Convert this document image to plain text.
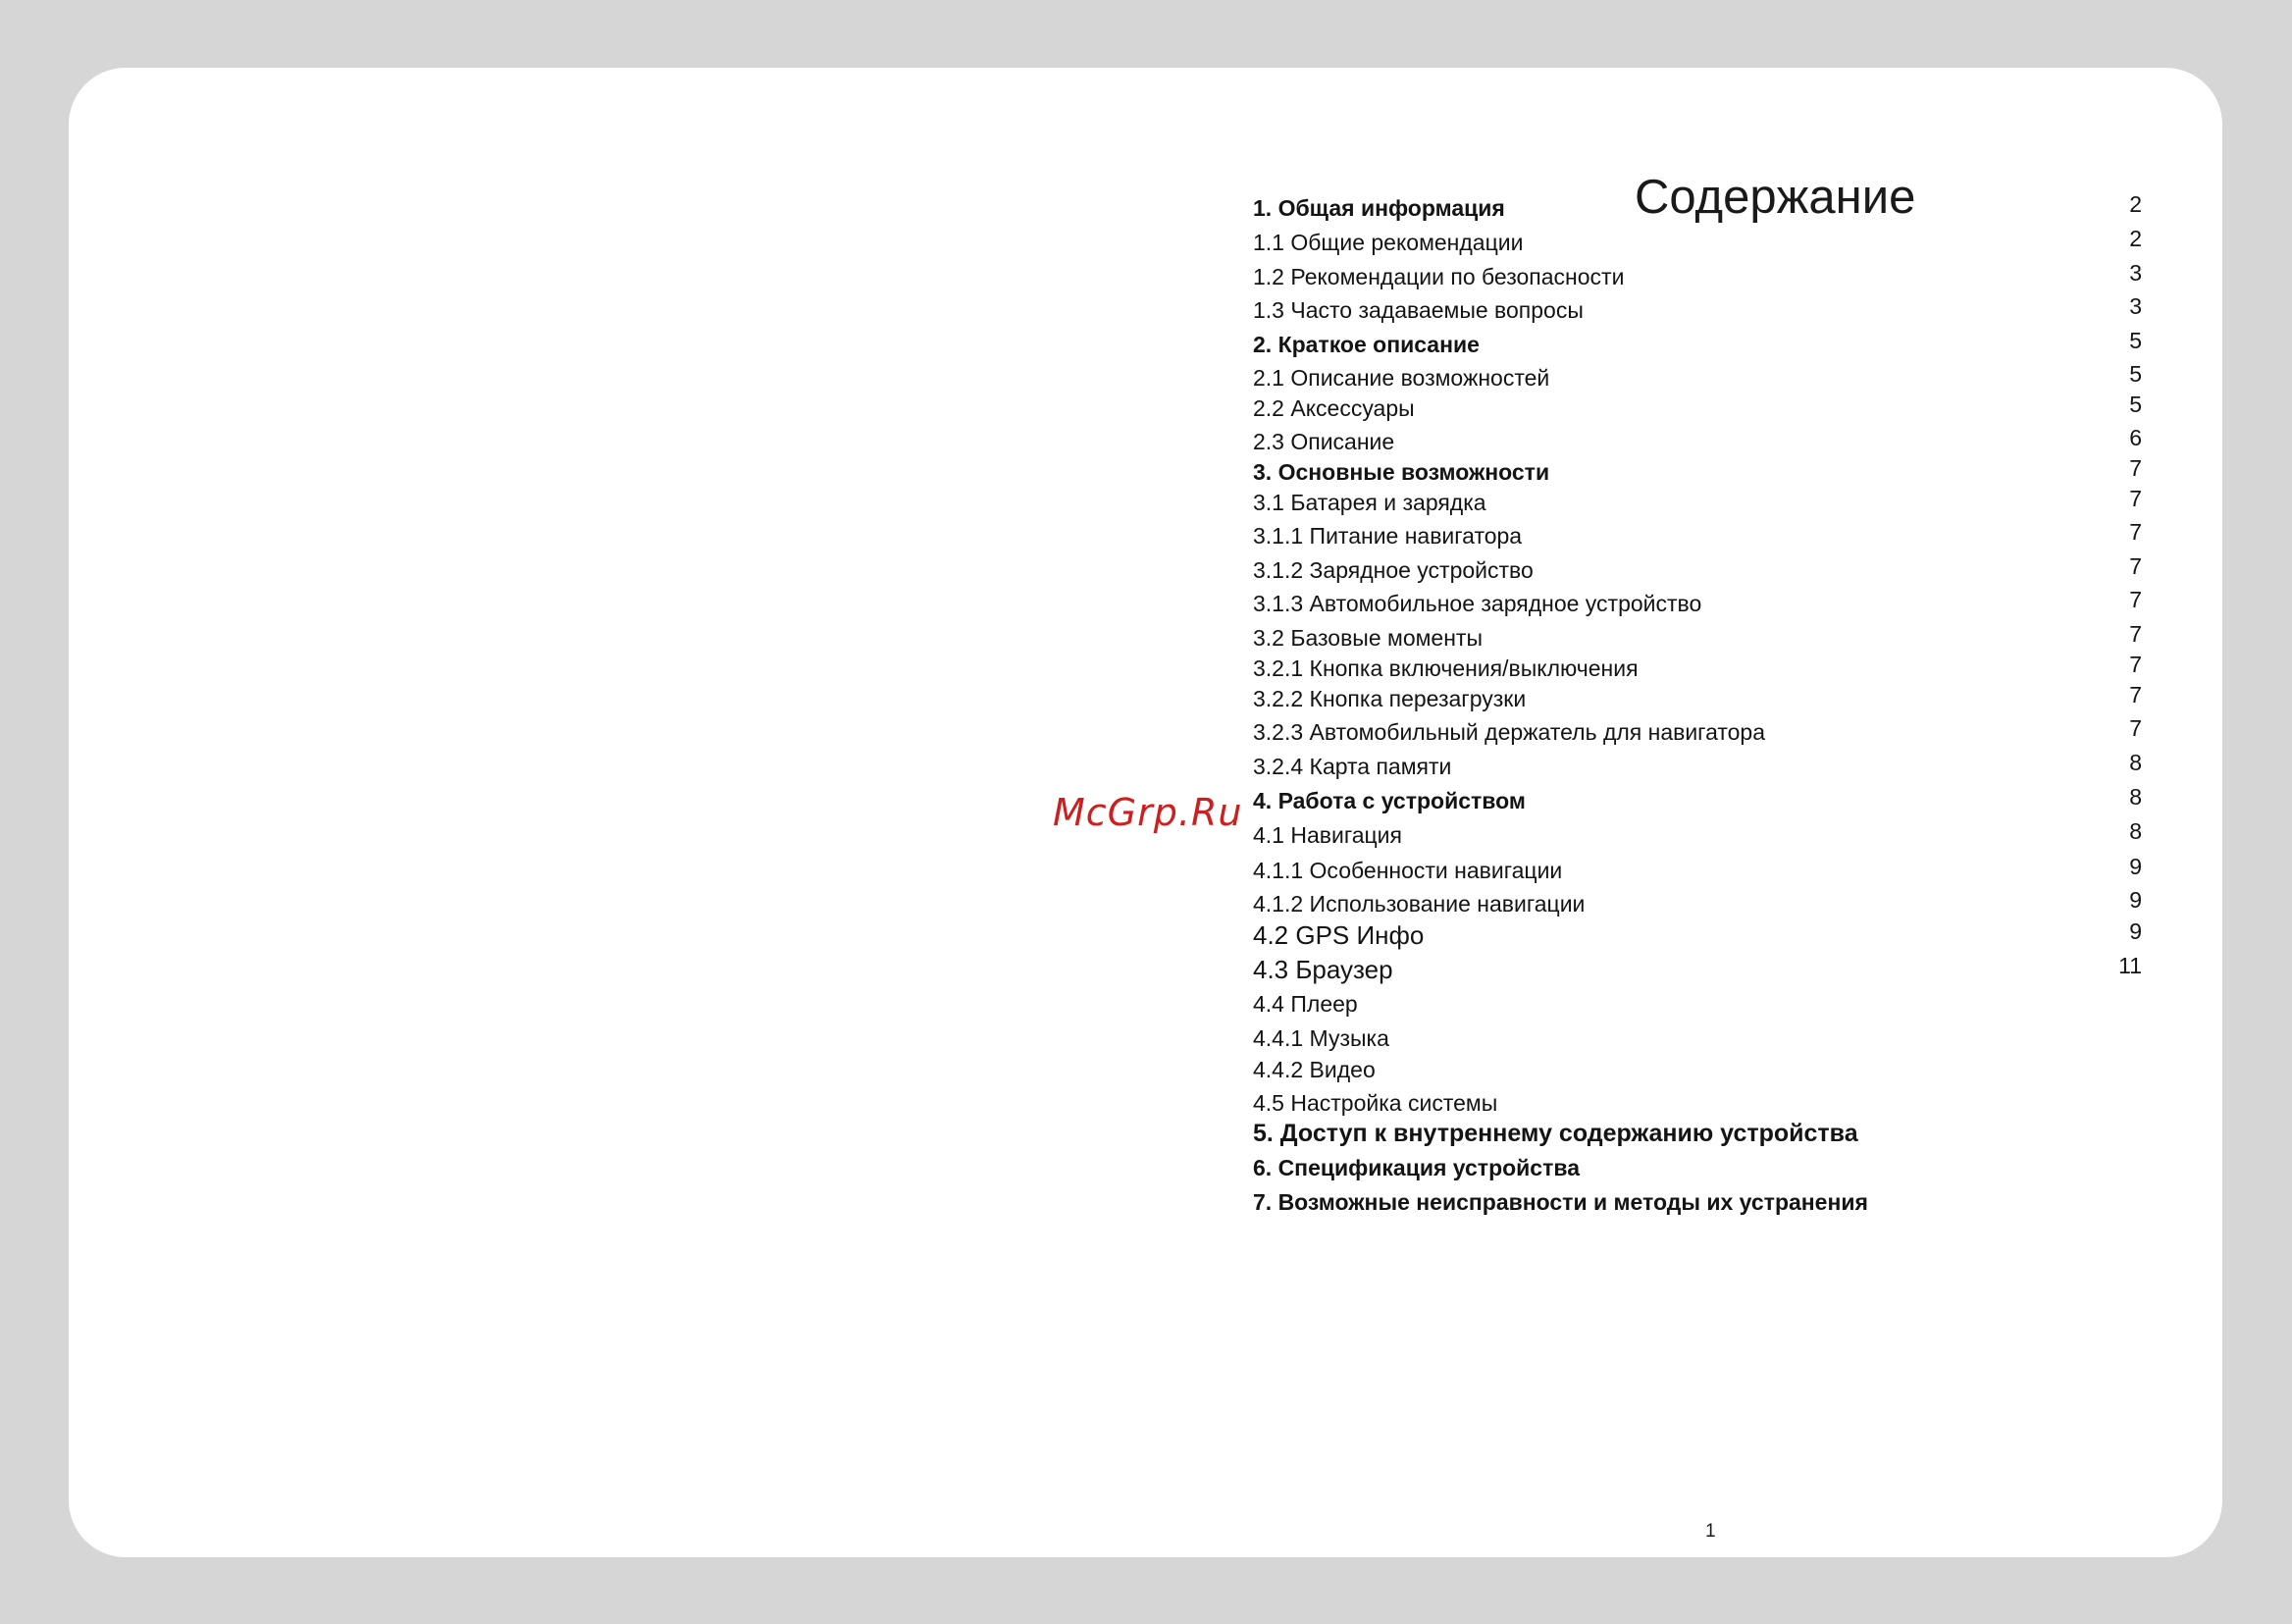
Содержание
1. Общая информация	2
1.1 Общие рекомендации	2
1.2 Рекомендации по безопасности	3
1.3 Часто задаваемые вопросы	3
2. Краткое описание	5
2.1 Описание возможностей	5
2.2 Аксессуары	5
2.3 Описание	6
3. Основные возможности	7
3.1 Батарея и зарядка	7
3.1.1 Питание навигатора	7
3.1.2 Зарядное устройство	7
3.1.3 Автомобильное зарядное устройство	7
3.2 Базовые моменты	7
3.2.1 Кнопка включения/выключения	7
3.2.2 Кнопка перезагрузки	7
3.2.3 Автомобильный держатель для навигатора	7
3.2.4 Карта памяти	8
4. Работа с устройством	8
4.1 Навигация	8
4.1.1 Особенности навигации	9
4.1.2 Использование навигации	9
4.2 GPS Инфо	9
4.3 Браузер	11
4.4 Плеер
4.4.1 Музыка
4.4.2 Видео
4.5 Настройка системы
5. Доступ к внутреннему содержанию устройства
6. Спецификация устройства
7. Возможные неисправности и методы их устранения
McGrp.Ru
1
